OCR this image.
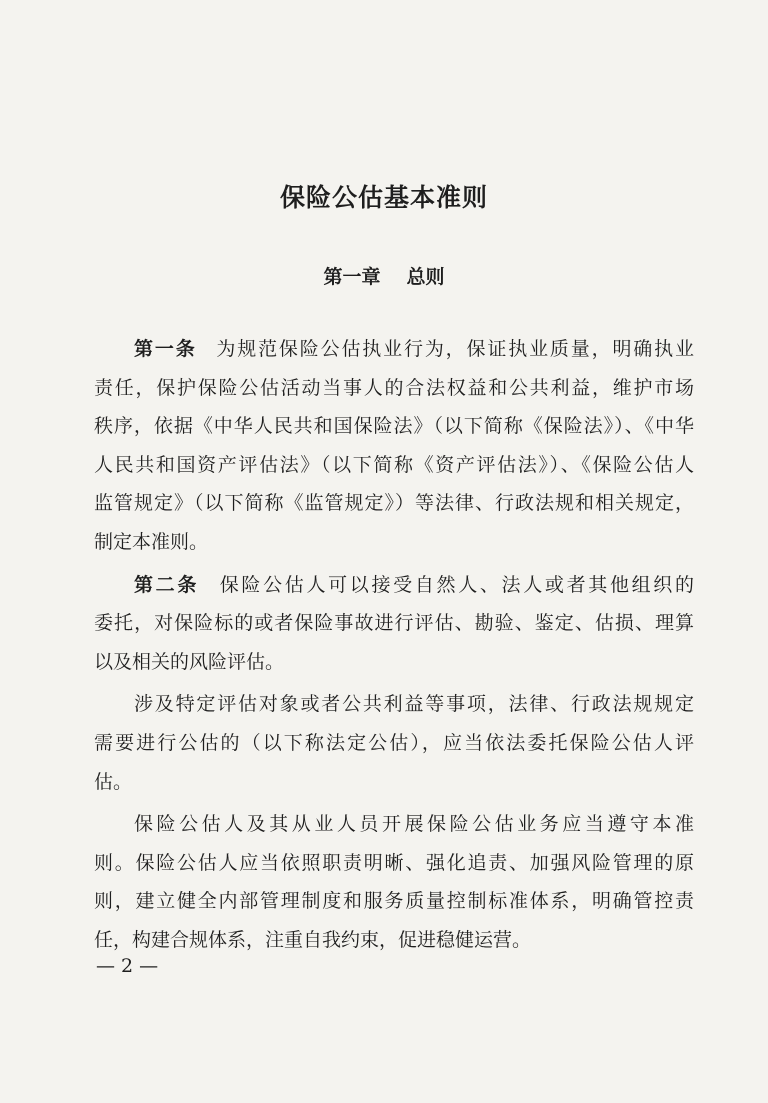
保险公估基本准则
第一章 总则
第一条 为规范保险公估执业行为，保证执业质量，明确执业
责任，保护保险公估活动当事人的合法权益和公共利益，维护市场
秩序，依据《中华人民共和国保险法》（以下简称《保险法》）、《中华
人民共和国资产评估法》（以下简称《资产评估法》）、《保险公估人
监管规定》（以下简称《监管规定》）等法律、行政法规和相关规定，
制定本准则。
第二条 保险公估人可以接受自然人、法人或者其他组织的
委托，对保险标的或者保险事故进行评估、勘验、鉴定、估损、理算
以及相关的风险评估。
涉及特定评估对象或者公共利益等事项，法律、行政法规规定
需要进行公估的（以下称法定公估），应当依法委托保险公估人评
估。
保险公估人及其从业人员开展保险公估业务应当遵守本准
则。保险公估人应当依照职责明晰、强化追责、加强风险管理的原
则，建立健全内部管理制度和服务质量控制标准体系，明确管控责
任，构建合规体系，注重自我约束，促进稳健运营。
— 2 —
